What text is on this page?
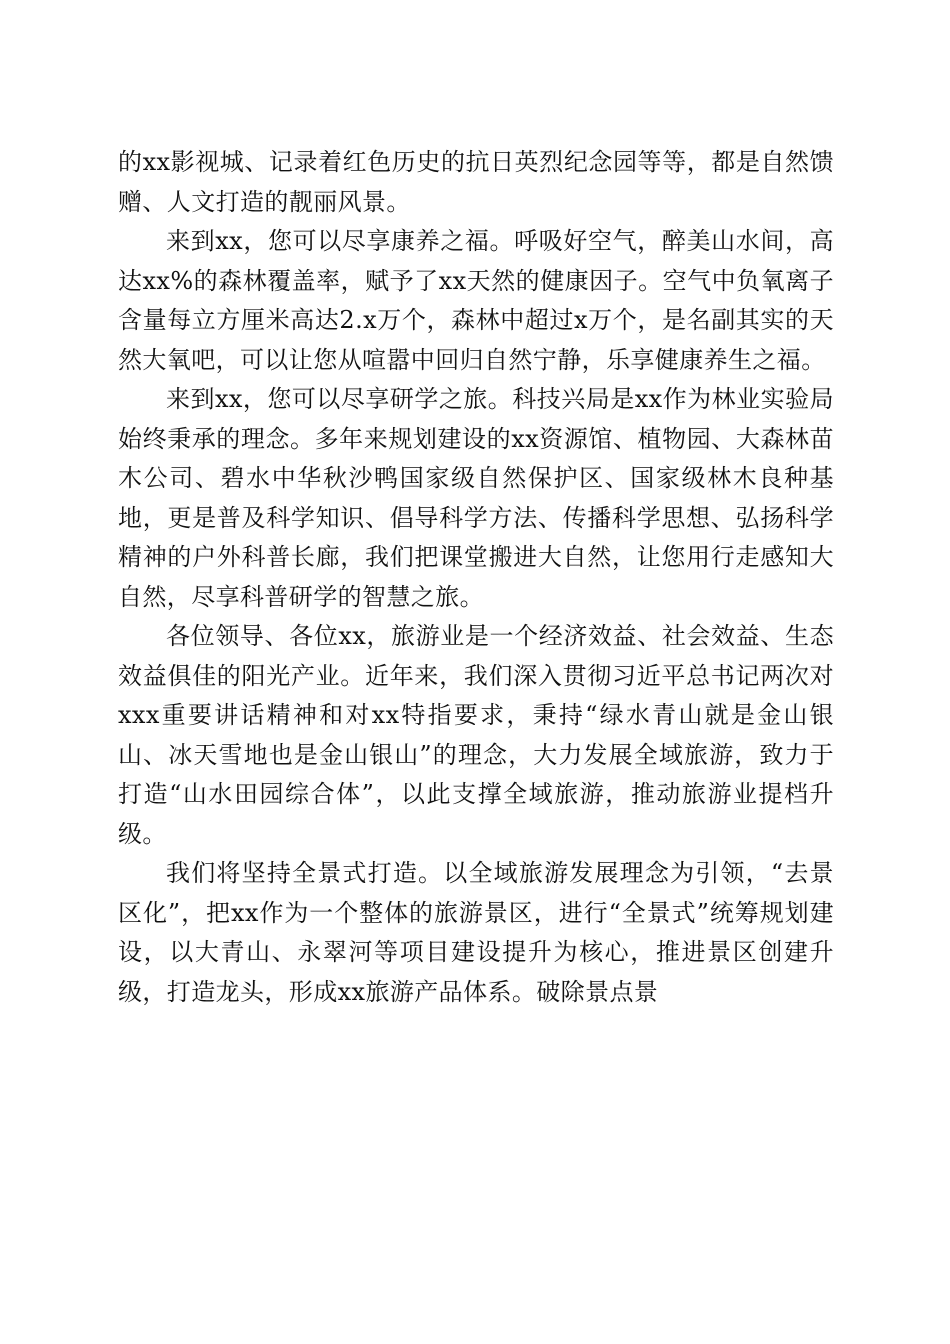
的xx影视城、记录着红色历史的抗日英烈纪念园等等，都是自然馈赠、人文打造的靓丽风景。

来到xx，您可以尽享康养之福。呼吸好空气，醉美山水间，高达xx%的森林覆盖率，赋予了xx天然的健康因子。空气中负氧离子含量每立方厘米高达2.x万个，森林中超过x万个，是名副其实的天然大氧吧，可以让您从喧嚣中回归自然宁静，乐享健康养生之福。

来到xx，您可以尽享研学之旅。科技兴局是xx作为林业实验局始终秉承的理念。多年来规划建设的xx资源馆、植物园、大森林苗木公司、碧水中华秋沙鸭国家级自然保护区、国家级林木良种基地，更是普及科学知识、倡导科学方法、传播科学思想、弘扬科学精神的户外科普长廊，我们把课堂搬进大自然，让您用行走感知大自然，尽享科普研学的智慧之旅。

各位领导、各位xx，旅游业是一个经济效益、社会效益、生态效益俱佳的阳光产业。近年来，我们深入贯彻习近平总书记两次对xxx重要讲话精神和对xx特指要求，秉持“绿水青山就是金山银山、冰天雪地也是金山银山”的理念，大力发展全域旅游，致力于打造“山水田园综合体”，以此支撑全域旅游，推动旅游业提档升级。

我们将坚持全景式打造。以全域旅游发展理念为引领，“去景区化”，把xx作为一个整体的旅游景区，进行“全景式”统筹规划建设，以大青山、永翠河等项目建设提升为核心，推进景区创建升级，打造龙头，形成xx旅游产品体系。破除景点景
